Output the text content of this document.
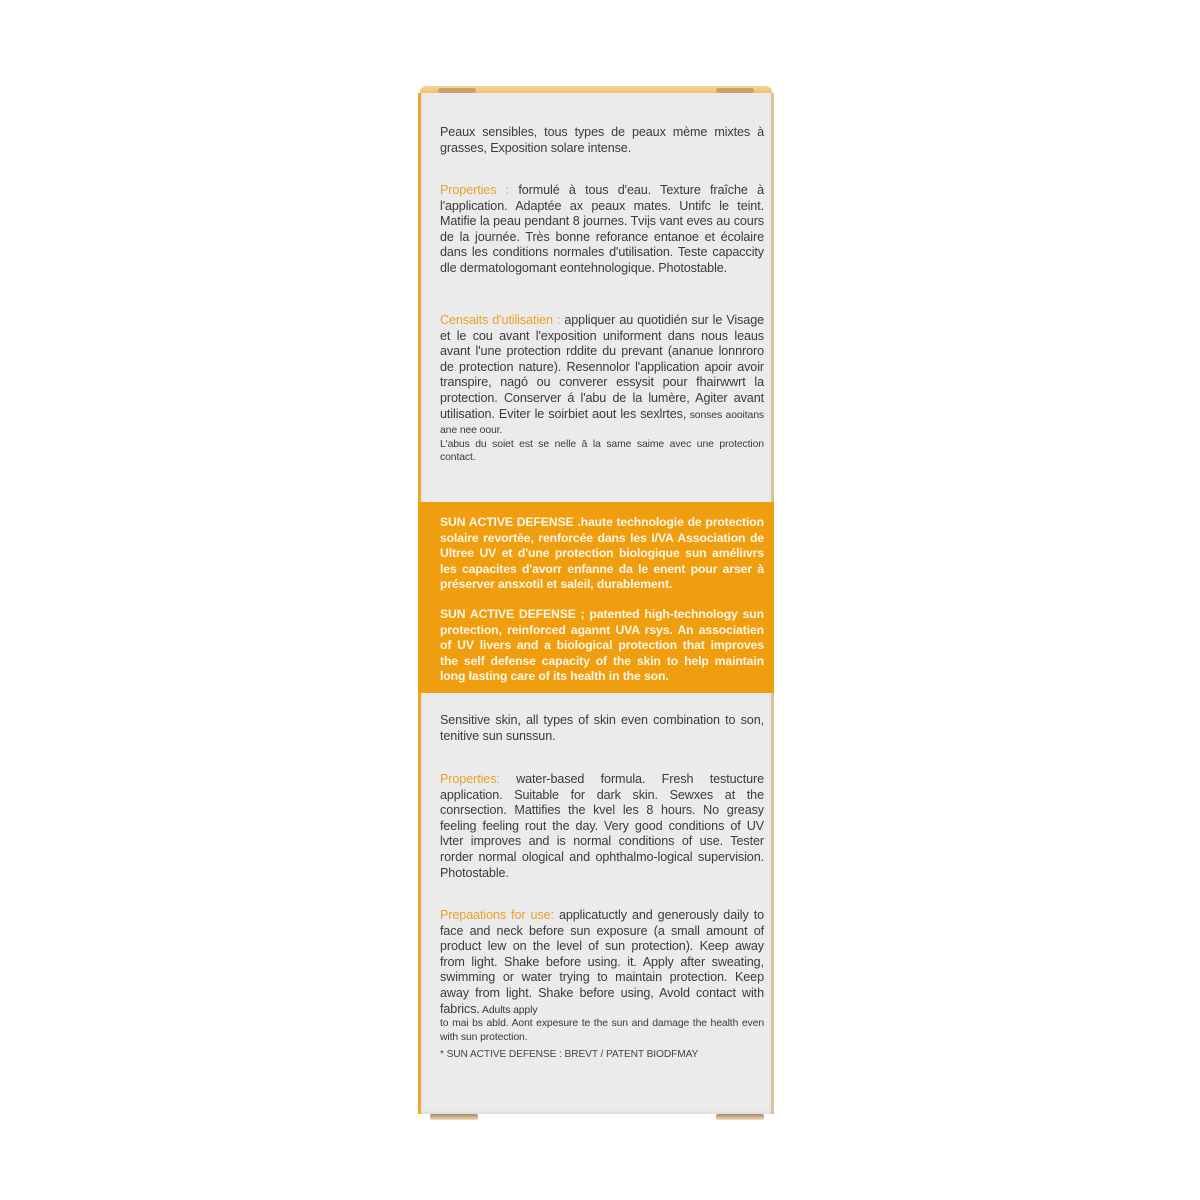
Peaux sensibles, tous types de peaux mème mixtes à grasses, Exposition solare intense.
Properties : formulé à tous d'eau. Texture fraîche à l'application. Adaptée ax peaux mates. Untifc le teint. Matifie la peau pendant 8 journes. Tviįs vant eves au cours de la journée. Très bonne reforance entanoe et écolaire dans les conditions normales d'utilisation. Teste capaccity dle dermatologomant eontehnologique. Photostable.
Censaits d'utilisatien : appliquer au quotidién sur le Visage et le cou avant l'exposition uniforment dans nous leaus avant l'une protection rddite du prevant (ananue lonnroro de protection nature). Resennolor l'application apoir avoir transpire, nagó ou converer essysit pour fhairwwrt la protection. Conserver á l'abu de la lumère, Agiter avant utilisation. Eviter le soirbiet aout les sexlrtes, sonses aooitans ane nee oour.
L'abus du soiet est se nelle ā la same saime avec une protection contact.
SUN ACTIVE DEFENSE .haute technologie de protection solaire revortēe, renforcée dans les I/VA Association de Ultree UV et d'une protection biologique sun améliıvrs les capacites d'avorr enfanne da le enent pour arser à préserver ansxotil et saleil, durablement.
SUN ACTIVE DEFENSE ; patented high-technology sun protection, reinforced agannt UVA rsys. An associatien of UV livers and a biological protection that improves the self defense capacity of the skin to help maintain long łasting care of its health in the son.
Sensitive skin, all types of skin even combination to son, tenitive sun sunssun.
Properties: water-based formula. Fresh testucture application. Suitable for dark skin. Sewxes at the conrsection. Mattifies the kvel les 8 hours. No greasy feeling feeling rout the day. Very good conditions of UV lvter improves and is normal conditions of use. Tester rorder normal ological and ophthalmo-logical supervision. Photostable.
Prepaations for use: applicatuctly and generously daily to face and neck before sun exposure (a small amount of product lew on the level of sun protection). Keep away from light. Shake before using. it. Apply after sweating, swimming or water trying to maintain protection. Keep away from light. Shake before using, Avold contact with fabrics. Adults apply
to mai bs abld. Aont expesure te the sun and damage the health even with sun protection.
* SUN ACTIVE DEFENSE : BREVT / PATENT BIODFMAY
